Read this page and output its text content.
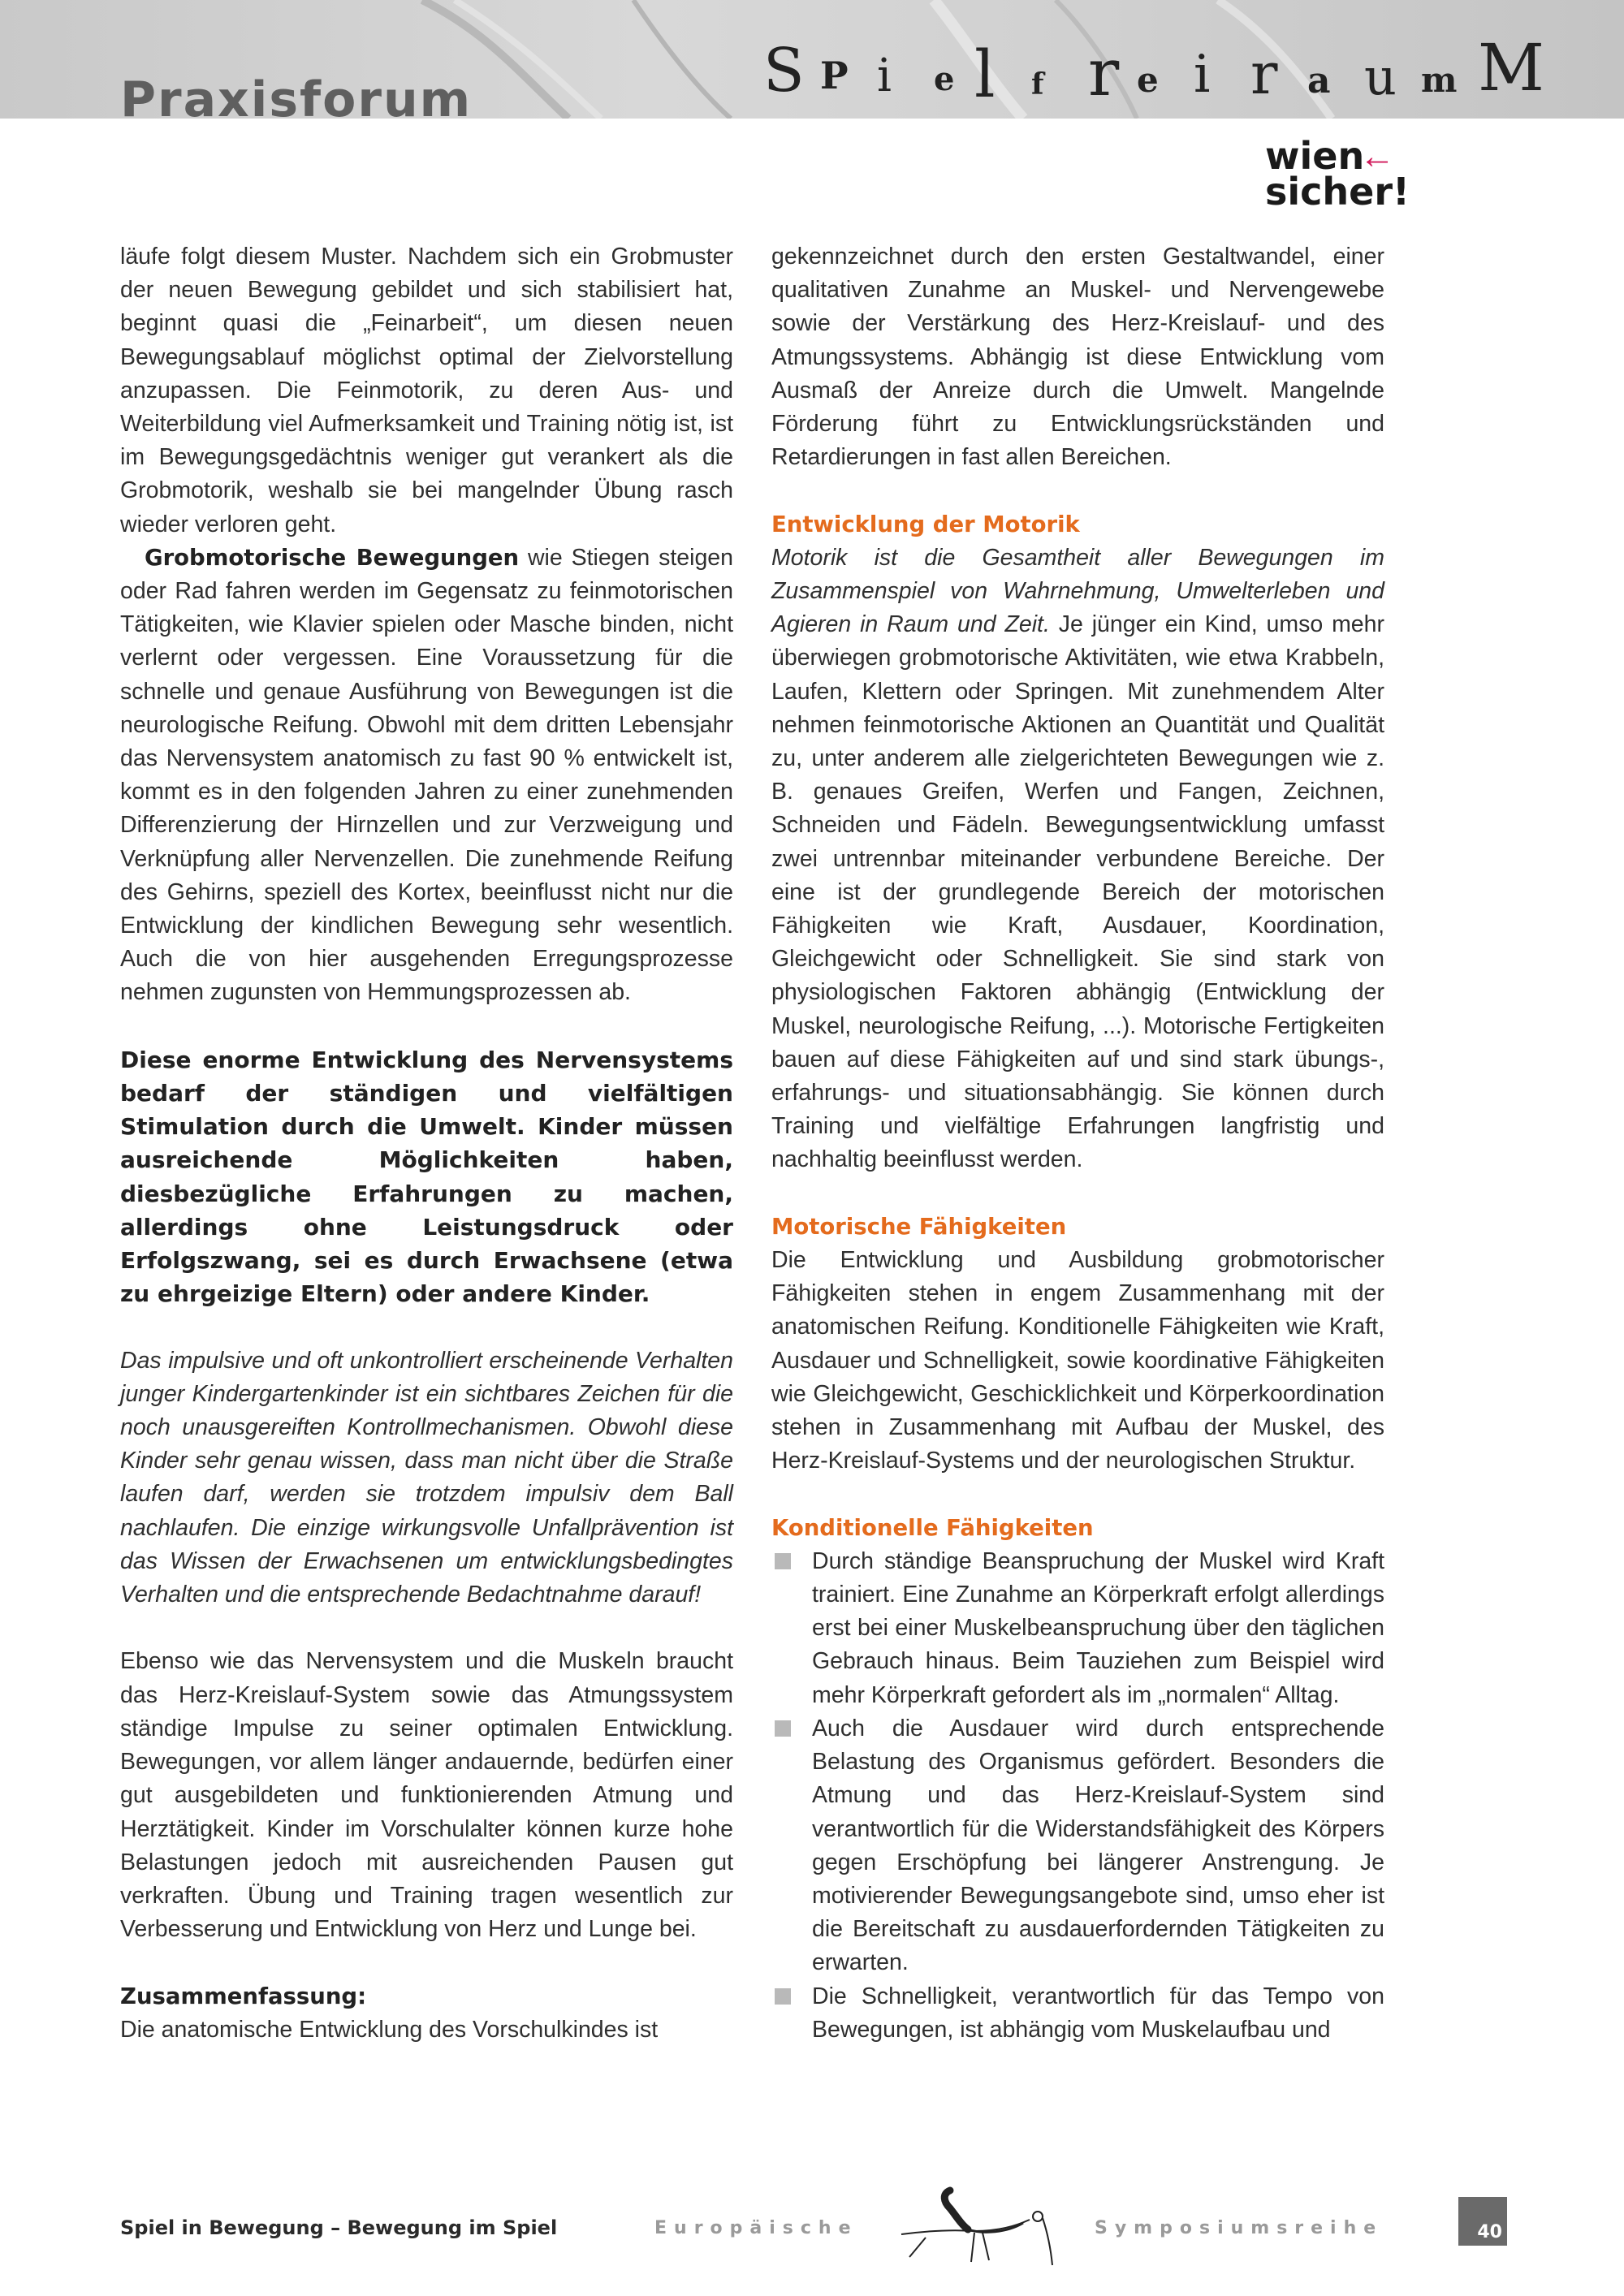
Praxisforum	S P i e l f r e i r a u m M
wien
←
sicher!

läufe folgt diesem Muster. Nachdem sich ein Grobmuster der neuen Bewegung gebildet und sich stabilisiert hat, beginnt quasi die „Feinarbeit“, um diesen neuen Bewegungsablauf möglichst optimal der Zielvorstellung anzupassen. Die Feinmotorik, zu deren Aus- und Weiterbildung viel Aufmerksamkeit und Training nötig ist, ist im Bewegungsgedächtnis weniger gut verankert als die Grobmotorik, weshalb sie bei mangelnder Übung rasch wieder verloren geht.

Grobmotorische Bewegungen wie Stiegen steigen oder Rad fahren werden im Gegensatz zu feinmotorischen Tätigkeiten, wie Klavier spielen oder Masche binden, nicht verlernt oder vergessen. Eine Voraussetzung für die schnelle und genaue Ausführung von Bewegungen ist die neurologische Reifung. Obwohl mit dem dritten Lebensjahr das Nervensystem anatomisch zu fast 90 % entwickelt ist, kommt es in den folgenden Jahren zu einer zunehmenden Differenzierung der Hirnzellen und zur Verzweigung und Verknüpfung aller Nervenzellen. Die zunehmende Reifung des Gehirns, speziell des Kortex, beeinflusst nicht nur die Entwicklung der kindlichen Bewegung sehr wesentlich. Auch die von hier ausgehenden Erregungsprozesse nehmen zugunsten von Hemmungsprozessen ab.

Diese enorme Entwicklung des Nervensystems bedarf der ständigen und vielfältigen Stimulation durch die Umwelt. Kinder müssen ausreichende Möglichkeiten haben, diesbezügliche Erfahrungen zu machen, allerdings ohne Leistungsdruck oder Erfolgszwang, sei es durch Erwachsene (etwa zu ehrgeizige Eltern) oder andere Kinder.

Das impulsive und oft unkontrolliert erscheinende Verhalten junger Kindergartenkinder ist ein sichtbares Zeichen für die noch unausgereiften Kontrollmechanismen. Obwohl diese Kinder sehr genau wissen, dass man nicht über die Straße laufen darf, werden sie trotzdem impulsiv dem Ball nachlaufen. Die einzige wirkungsvolle Unfallprävention ist das Wissen der Erwachsenen um entwicklungsbedingtes Verhalten und die entsprechende Bedachtnahme darauf!

Ebenso wie das Nervensystem und die Muskeln braucht das Herz-Kreislauf-System sowie das Atmungssystem ständige Impulse zu seiner optimalen Entwicklung. Bewegungen, vor allem länger andauernde, bedürfen einer gut ausgebildeten und funktionierenden Atmung und Herztätigkeit. Kinder im Vorschulalter können kurze hohe Belastungen jedoch mit ausreichenden Pausen gut verkraften. Übung und Training tragen wesentlich zur Verbesserung und Entwicklung von Herz und Lunge bei.

Zusammenfassung:

Die anatomische Entwicklung des Vorschulkindes ist

gekennzeichnet durch den ersten Gestaltwandel, einer qualitativen Zunahme an Muskel- und Nervengewebe sowie der Verstärkung des Herz-Kreislauf- und des Atmungssystems. Abhängig ist diese Entwicklung vom Ausmaß der Anreize durch die Umwelt. Mangelnde Förderung führt zu Entwicklungsrückständen und Retardierungen in fast allen Bereichen.

Entwicklung der Motorik

Motorik ist die Gesamtheit aller Bewegungen im Zusammenspiel von Wahrnehmung, Umwelterleben und Agieren in Raum und Zeit. Je jünger ein Kind, umso mehr überwiegen grobmotorische Aktivitäten, wie etwa Krabbeln, Laufen, Klettern oder Springen. Mit zunehmendem Alter nehmen feinmotorische Aktionen an Quantität und Qualität zu, unter anderem alle zielgerichteten Bewegungen wie z. B. genaues Greifen, Werfen und Fangen, Zeichnen, Schneiden und Fädeln. Bewegungsentwicklung umfasst zwei untrennbar miteinander verbundene Bereiche. Der eine ist der grundlegende Bereich der motorischen Fähigkeiten wie Kraft, Ausdauer, Koordination, Gleichgewicht oder Schnelligkeit. Sie sind stark von physiologischen Faktoren abhängig (Entwicklung der Muskel, neurologische Reifung, ...). Motorische Fertigkeiten bauen auf diese Fähigkeiten auf und sind stark übungs-, erfahrungs- und situationsabhängig. Sie können durch Training und vielfältige Erfahrungen langfristig und nachhaltig beeinflusst werden.

Motorische Fähigkeiten

Die Entwicklung und Ausbildung grobmotorischer Fähigkeiten stehen in engem Zusammenhang mit der anatomischen Reifung. Konditionelle Fähigkeiten wie Kraft, Ausdauer und Schnelligkeit, sowie koordinative Fähigkeiten wie Gleichgewicht, Geschicklichkeit und Körperkoordination stehen in Zusammenhang mit Aufbau der Muskel, des Herz-Kreislauf-Systems und der neurologischen Struktur.

Konditionelle Fähigkeiten

Durch ständige Beanspruchung der Muskel wird Kraft trainiert. Eine Zunahme an Körperkraft erfolgt allerdings erst bei einer Muskelbeanspruchung über den täglichen Gebrauch hinaus. Beim Tauziehen zum Beispiel wird mehr Körperkraft gefordert als im „normalen“ Alltag.
Auch die Ausdauer wird durch entsprechende Belastung des Organismus gefördert. Besonders die Atmung und das Herz-Kreislauf-System sind verantwortlich für die Widerstandsfähigkeit des Körpers gegen Erschöpfung bei längerer Anstrengung. Je motivierender Bewegungsangebote sind, umso eher ist die Bereitschaft zu ausdauerfordernden Tätigkeiten zu erwarten.
Die Schnelligkeit, verantwortlich für das Tempo von Bewegungen, ist abhängig vom Muskelaufbau und
Spiel in Bewegung – Bewegung im Spiel	Europäische	Symposiumsreihe	40
